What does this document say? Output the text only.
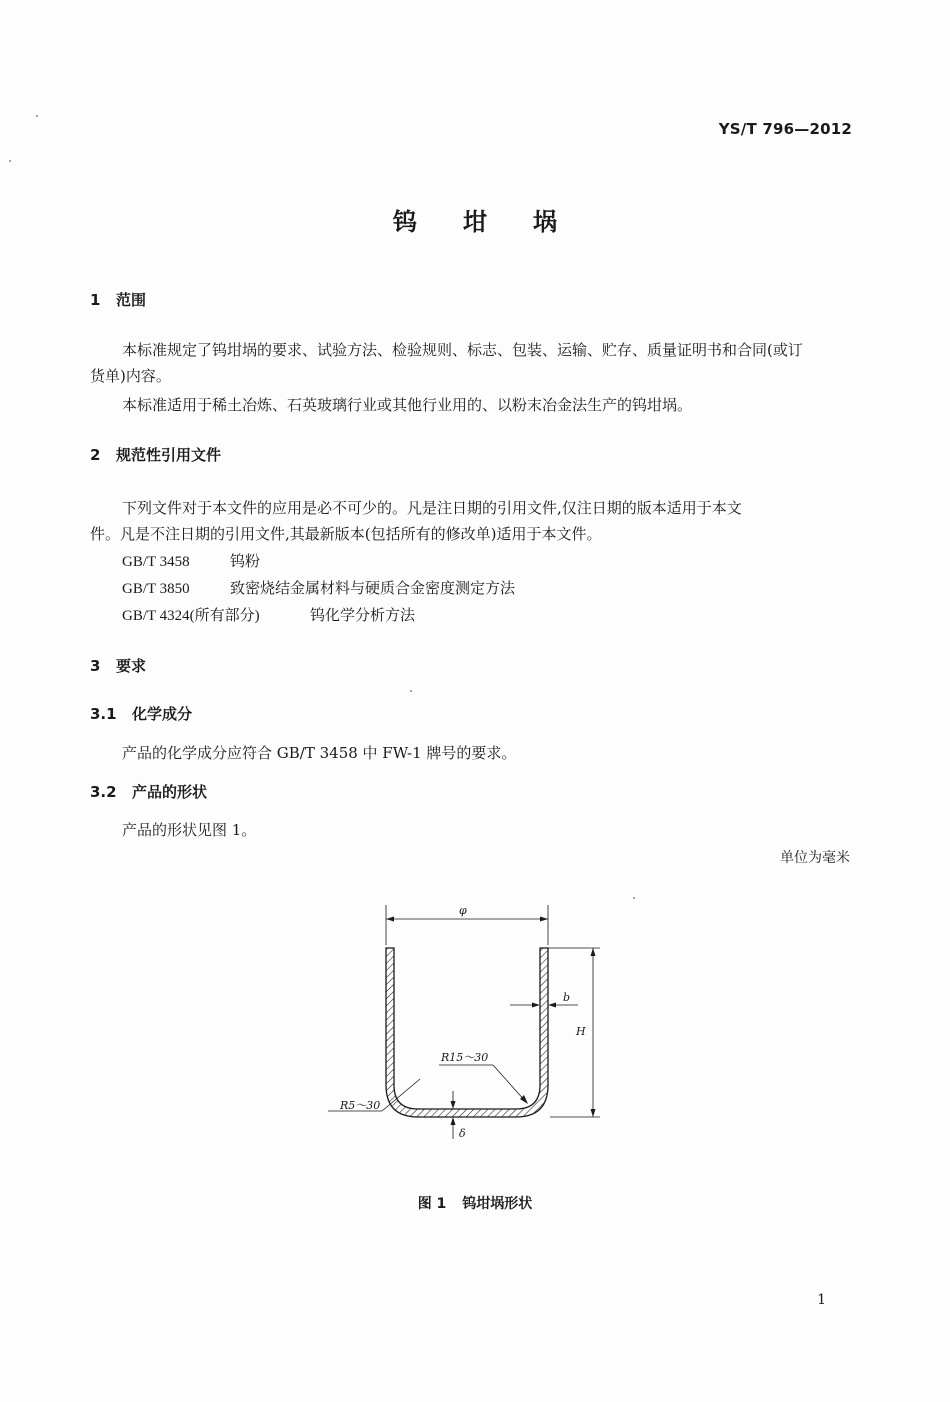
YS/T 796—2012
钨 坩 埚
1 范围
本标准规定了钨坩埚的要求、试验方法、检验规则、标志、包装、运输、贮存、质量证明书和合同(或订
货单)内容。
本标准适用于稀土冶炼、石英玻璃行业或其他行业用的、以粉末冶金法生产的钨坩埚。
2 规范性引用文件
下列文件对于本文件的应用是必不可少的。凡是注日期的引用文件,仅注日期的版本适用于本文
件。凡是不注日期的引用文件,其最新版本(包括所有的修改单)适用于本文件。
GB/T 3458	钨粉
GB/T 3850	致密烧结金属材料与硬质合金密度测定方法
GB/T 4324(所有部分)	钨化学分析方法
3 要求
3.1 化学成分
产品的化学成分应符合 GB/T 3458 中 FW-1 牌号的要求。
3.2 产品的形状
产品的形状见图 1。
单位为毫米
φ
H
b
R15～30
R5～30
δ
图 1 钨坩埚形状
1
